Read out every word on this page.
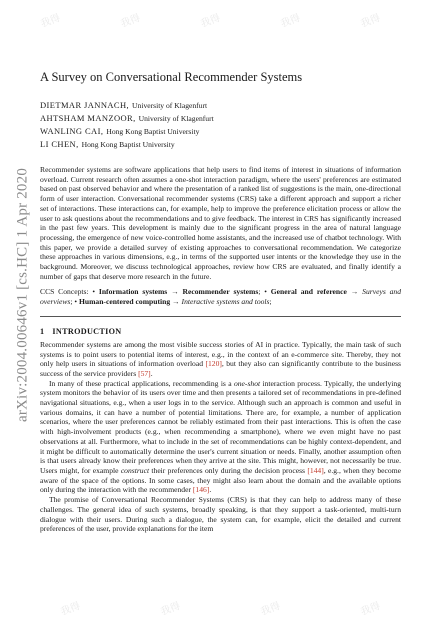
arXiv:2004.00646v1 [cs.HC] 1 Apr 2020
A Survey on Conversational Recommender Systems
DIETMAR JANNACH, University of Klagenfurt
AHTSHAM MANZOOR, University of Klagenfurt
WANLING CAI, Hong Kong Baptist University
LI CHEN, Hong Kong Baptist University

Recommender systems are software applications that help users to find items of interest in situations of information overload. Current research often assumes a one-shot interaction paradigm, where the users' preferences are estimated based on past observed behavior and where the presentation of a ranked list of suggestions is the main, one-directional form of user interaction. Conversational recommender systems (CRS) take a different approach and support a richer set of interactions. These interactions can, for example, help to improve the preference elicitation process or allow the user to ask questions about the recommendations and to give feedback. The interest in CRS has significantly increased in the past few years. This development is mainly due to the significant progress in the area of natural language processing, the emergence of new voice-controlled home assistants, and the increased use of chatbot technology. With this paper, we provide a detailed survey of existing approaches to conversational recommendation. We categorize these approaches in various dimensions, e.g., in terms of the supported user intents or the knowledge they use in the background. Moreover, we discuss technological approaches, review how CRS are evaluated, and finally identify a number of gaps that deserve more research in the future.

CCS Concepts: • Information systems → Recommender systems; • General and reference → Surveys and overviews; • Human-centered computing → Interactive systems and tools;

1 INTRODUCTION

Recommender systems are among the most visible success stories of AI in practice. Typically, the main task of such systems is to point users to potential items of interest, e.g., in the context of an e-commerce site. Thereby, they not only help users in situations of information overload [120], but they also can significantly contribute to the business success of the service providers [57].

In many of these practical applications, recommending is a one-shot interaction process. Typically, the underlying system monitors the behavior of its users over time and then presents a tailored set of recommendations in pre-defined navigational situations, e.g., when a user logs in to the service. Although such an approach is common and useful in various domains, it can have a number of potential limitations. There are, for example, a number of application scenarios, where the user preferences cannot be reliably estimated from their past interactions. This is often the case with high-involvement products (e.g., when recommending a smartphone), where we even might have no past observations at all. Furthermore, what to include in the set of recommendations can be highly context-dependent, and it might be difficult to automatically determine the user's current situation or needs. Finally, another assumption often is that users already know their preferences when they arrive at the site. This might, however, not necessarily be true. Users might, for example construct their preferences only during the decision process [144], e.g., when they become aware of the space of the options. In some cases, they might also learn about the domain and the available options only during the interaction with the recommender [146].

The promise of Conversational Recommender Systems (CRS) is that they can help to address many of these challenges. The general idea of such systems, broadly speaking, is that they support a task-oriented, multi-turn dialogue with their users. During such a dialogue, the system can, for example, elicit the detailed and current preferences of the user, provide explanations for the item

我得	我得	我得	我得	我得
我得	我得	我得	我得
